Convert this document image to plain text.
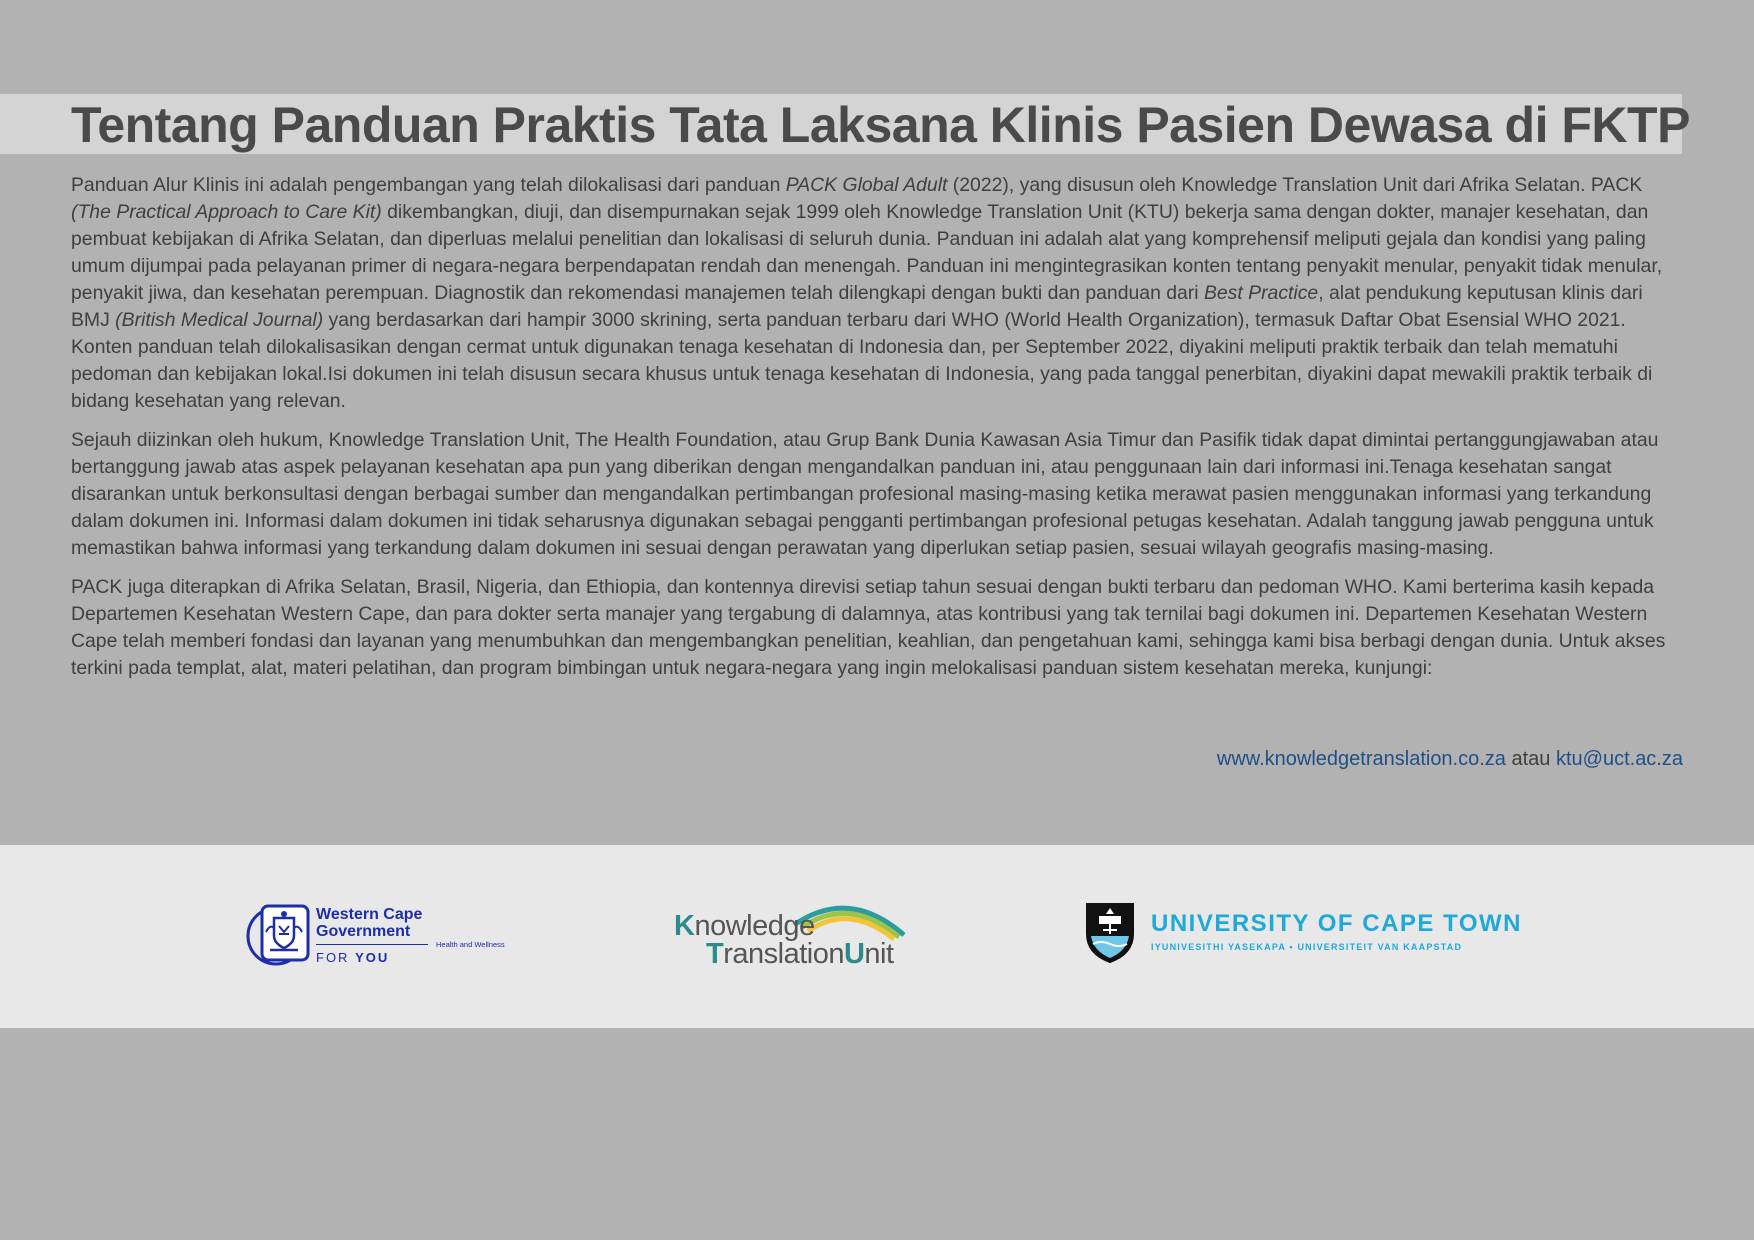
Tentang Panduan Praktis Tata Laksana Klinis Pasien Dewasa di FKTP

Panduan Alur Klinis ini adalah pengembangan yang telah dilokalisasi dari panduan PACK Global Adult (2022), yang disusun oleh Knowledge Translation Unit dari Afrika Selatan. PACK (The Practical Approach to Care Kit) dikembangkan, diuji, dan disempurnakan sejak 1999 oleh Knowledge Translation Unit (KTU) bekerja sama dengan dokter, manajer kesehatan, dan pembuat kebijakan di Afrika Selatan, dan diperluas melalui penelitian dan lokalisasi di seluruh dunia. Panduan ini adalah alat yang komprehensif meliputi gejala dan kondisi yang paling umum dijumpai pada pelayanan primer di negara-negara berpendapatan rendah dan menengah. Panduan ini mengintegrasikan konten tentang penyakit menular, penyakit tidak menular, penyakit jiwa, dan kesehatan perempuan. Diagnostik dan rekomendasi manajemen telah dilengkapi dengan bukti dan panduan dari Best Practice, alat pendukung keputusan klinis dari BMJ (British Medical Journal) yang berdasarkan dari hampir 3000 skrining, serta panduan terbaru dari WHO (World Health Organization), termasuk Daftar Obat Esensial WHO 2021. Konten panduan telah dilokalisasikan dengan cermat untuk digunakan tenaga kesehatan di Indonesia dan, per September 2022, diyakini meliputi praktik terbaik dan telah mematuhi pedoman dan kebijakan lokal.Isi dokumen ini telah disusun secara khusus untuk tenaga kesehatan di Indonesia, yang pada tanggal penerbitan, diyakini dapat mewakili praktik terbaik di bidang kesehatan yang relevan.

Sejauh diizinkan oleh hukum, Knowledge Translation Unit, The Health Foundation, atau Grup Bank Dunia Kawasan Asia Timur dan Pasifik tidak dapat dimintai pertanggungjawaban atau bertanggung jawab atas aspek pelayanan kesehatan apa pun yang diberikan dengan mengandalkan panduan ini, atau penggunaan lain dari informasi ini.Tenaga kesehatan sangat disarankan untuk berkonsultasi dengan berbagai sumber dan mengandalkan pertimbangan profesional masing-masing ketika merawat pasien menggunakan informasi yang terkandung dalam dokumen ini. Informasi dalam dokumen ini tidak seharusnya digunakan sebagai pengganti pertimbangan profesional petugas kesehatan. Adalah tanggung jawab pengguna untuk memastikan bahwa informasi yang terkandung dalam dokumen ini sesuai dengan perawatan yang diperlukan setiap pasien, sesuai wilayah geografis masing-masing.

PACK juga diterapkan di Afrika Selatan, Brasil, Nigeria, dan Ethiopia, dan kontennya direvisi setiap tahun sesuai dengan bukti terbaru dan pedoman WHO. Kami berterima kasih kepada Departemen Kesehatan Western Cape, dan para dokter serta manajer yang tergabung di dalamnya, atas kontribusi yang tak ternilai bagi dokumen ini. Departemen Kesehatan Western Cape telah memberi fondasi dan layanan yang menumbuhkan dan mengembangkan penelitian, keahlian, dan pengetahuan kami, sehingga kami bisa berbagi dengan dunia. Untuk akses terkini pada templat, alat, materi pelatihan, dan program bimbingan untuk negara-negara yang ingin melokalisasi panduan sistem kesehatan mereka, kunjungi:

www.knowledgetranslation.co.za atau ktu@uct.ac.za
Western Cape
Government
Health and Wellness
FOR YOU
Knowledge
TranslationUnit
UNIVERSITY OF CAPE TOWN
IYUNIVESITHI YASEKAPA • UNIVERSITEIT VAN KAAPSTAD
